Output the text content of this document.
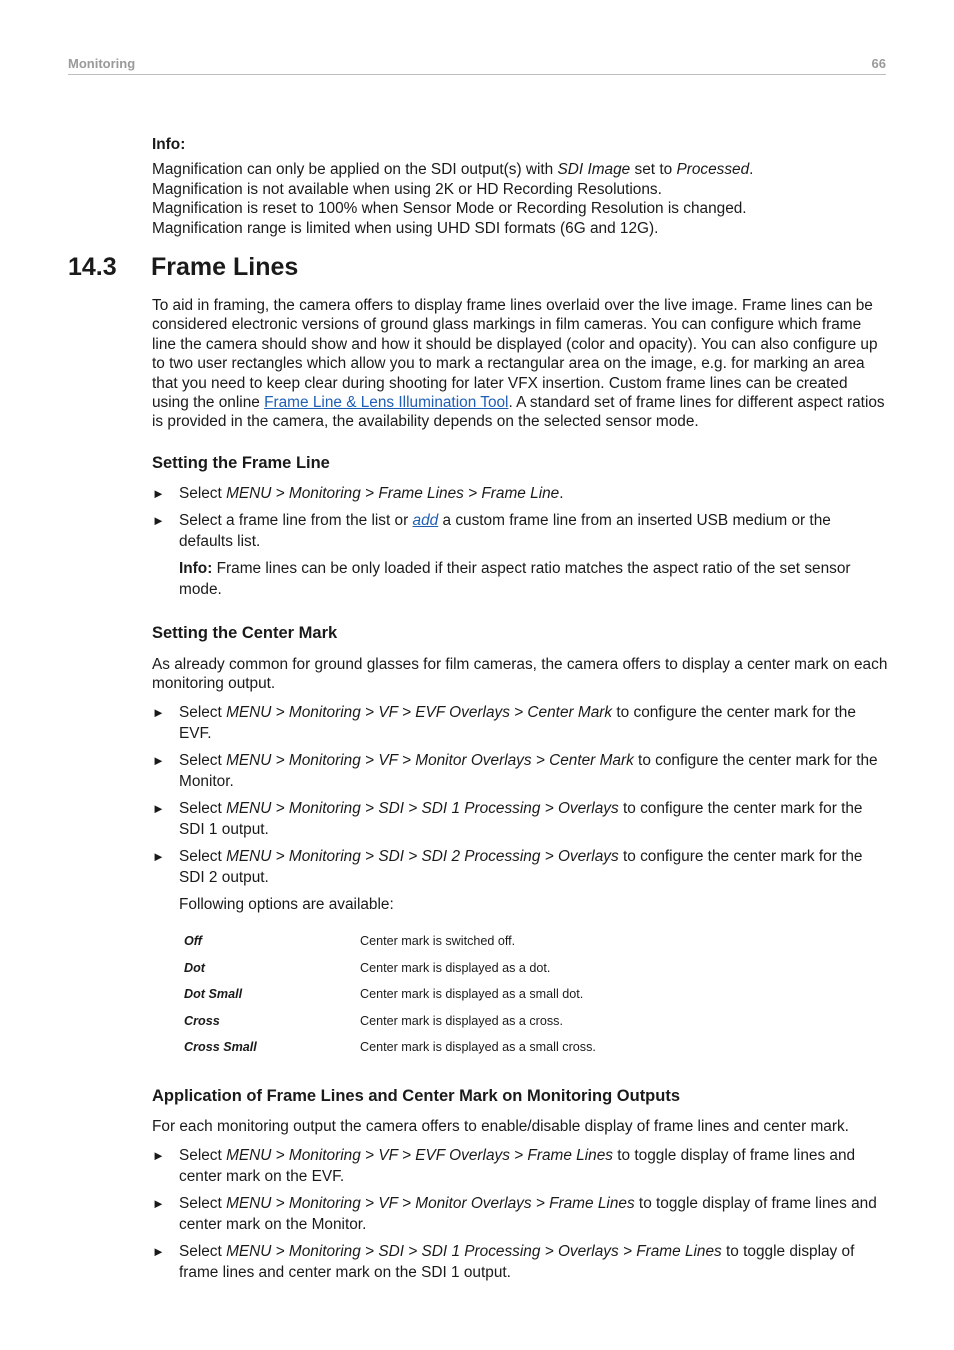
Monitoring	66

Info:

Magnification can only be applied on the SDI output(s) with SDI Image set to Processed.

Magnification is not available when using 2K or HD Recording Resolutions.

Magnification is reset to 100% when Sensor Mode or Recording Resolution is changed.

Magnification range is limited when using UHD SDI formats (6G and 12G).

14.3 Frame Lines

To aid in framing, the camera offers to display frame lines overlaid over the live image. Frame lines can be considered electronic versions of ground glass markings in film cameras. You can configure which frame line the camera should show and how it should be displayed (color and opacity). You can also configure up to two user rectangles which allow you to mark a rectangular area on the image, e.g. for marking an area that you need to keep clear during shooting for later VFX insertion. Custom frame lines can be created using the online Frame Line & Lens Illumination Tool. A standard set of frame lines for different aspect ratios is provided in the camera, the availability depends on the selected sensor mode.

Setting the Frame Line
► Select MENU > Monitoring > Frame Lines > Frame Line.
► Select a frame line from the list or add a custom frame line from an inserted USB medium or the defaults list.
Info: Frame lines can be only loaded if their aspect ratio matches the aspect ratio of the set sensor mode.
Setting the Center Mark

As already common for ground glasses for film cameras, the camera offers to display a center mark on each monitoring output.

► Select MENU > Monitoring > VF > EVF Overlays > Center Mark to configure the center mark for the EVF.
► Select MENU > Monitoring > VF > Monitor Overlays > Center Mark to configure the center mark for the Monitor.
► Select MENU > Monitoring > SDI > SDI 1 Processing > Overlays to configure the center mark for the SDI 1 output.
► Select MENU > Monitoring > SDI > SDI 2 Processing > Overlays to configure the center mark for the SDI 2 output.
Following options are available:
Off	Center mark is switched off.
Dot	Center mark is displayed as a dot.
Dot Small	Center mark is displayed as a small dot.
Cross	Center mark is displayed as a cross.
Cross Small	Center mark is displayed as a small cross.
Application of Frame Lines and Center Mark on Monitoring Outputs

For each monitoring output the camera offers to enable/disable display of frame lines and center mark.

► Select MENU > Monitoring > VF > EVF Overlays > Frame Lines to toggle display of frame lines and center mark on the EVF.
► Select MENU > Monitoring > VF > Monitor Overlays > Frame Lines to toggle display of frame lines and center mark on the Monitor.
► Select MENU > Monitoring > SDI > SDI 1 Processing > Overlays > Frame Lines to toggle display of frame lines and center mark on the SDI 1 output.
